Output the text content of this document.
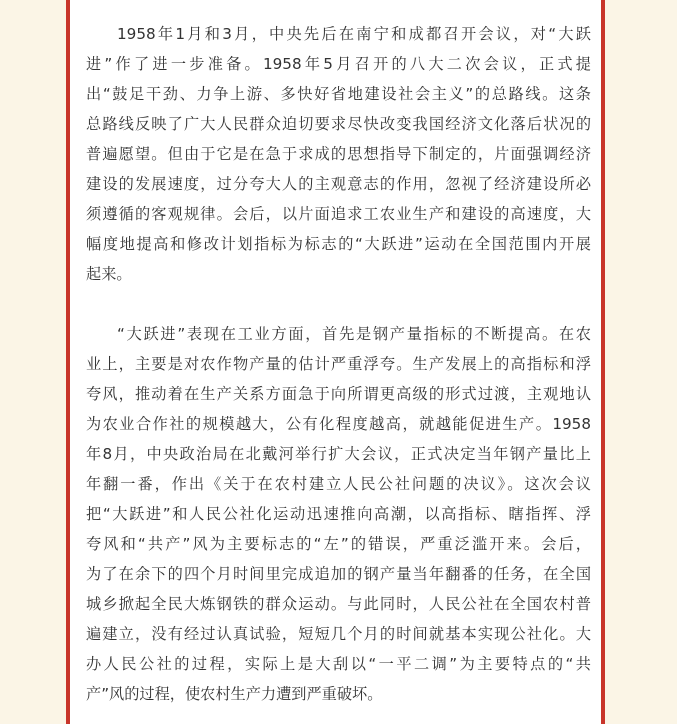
1958年1月和3月，中央先后在南宁和成都召开会议，对“大跃
进”作了进一步准备。1958年5月召开的八大二次会议，正式提
出“鼓足干劲、力争上游、多快好省地建设社会主义”的总路线。这条
总路线反映了广大人民群众迫切要求尽快改变我国经济文化落后状况的
普遍愿望。但由于它是在急于求成的思想指导下制定的，片面强调经济
建设的发展速度，过分夸大人的主观意志的作用，忽视了经济建设所必
须遵循的客观规律。会后，以片面追求工农业生产和建设的高速度，大
幅度地提高和修改计划指标为标志的“大跃进”运动在全国范围内开展
起来。
“大跃进”表现在工业方面，首先是钢产量指标的不断提高。在农
业上，主要是对农作物产量的估计严重浮夸。生产发展上的高指标和浮
夸风，推动着在生产关系方面急于向所谓更高级的形式过渡，主观地认
为农业合作社的规模越大，公有化程度越高，就越能促进生产。1958
年8月，中央政治局在北戴河举行扩大会议，正式决定当年钢产量比上
年翻一番，作出《关于在农村建立人民公社问题的决议》。这次会议
把“大跃进”和人民公社化运动迅速推向高潮，以高指标、瞎指挥、浮
夸风和“共产”风为主要标志的“左”的错误，严重泛滥开来。会后，
为了在余下的四个月时间里完成追加的钢产量当年翻番的任务，在全国
城乡掀起全民大炼钢铁的群众运动。与此同时，人民公社在全国农村普
遍建立，没有经过认真试验，短短几个月的时间就基本实现公社化。大
办人民公社的过程，实际上是大刮以“一平二调”为主要特点的“共
产”风的过程，使农村生产力遭到严重破坏。
